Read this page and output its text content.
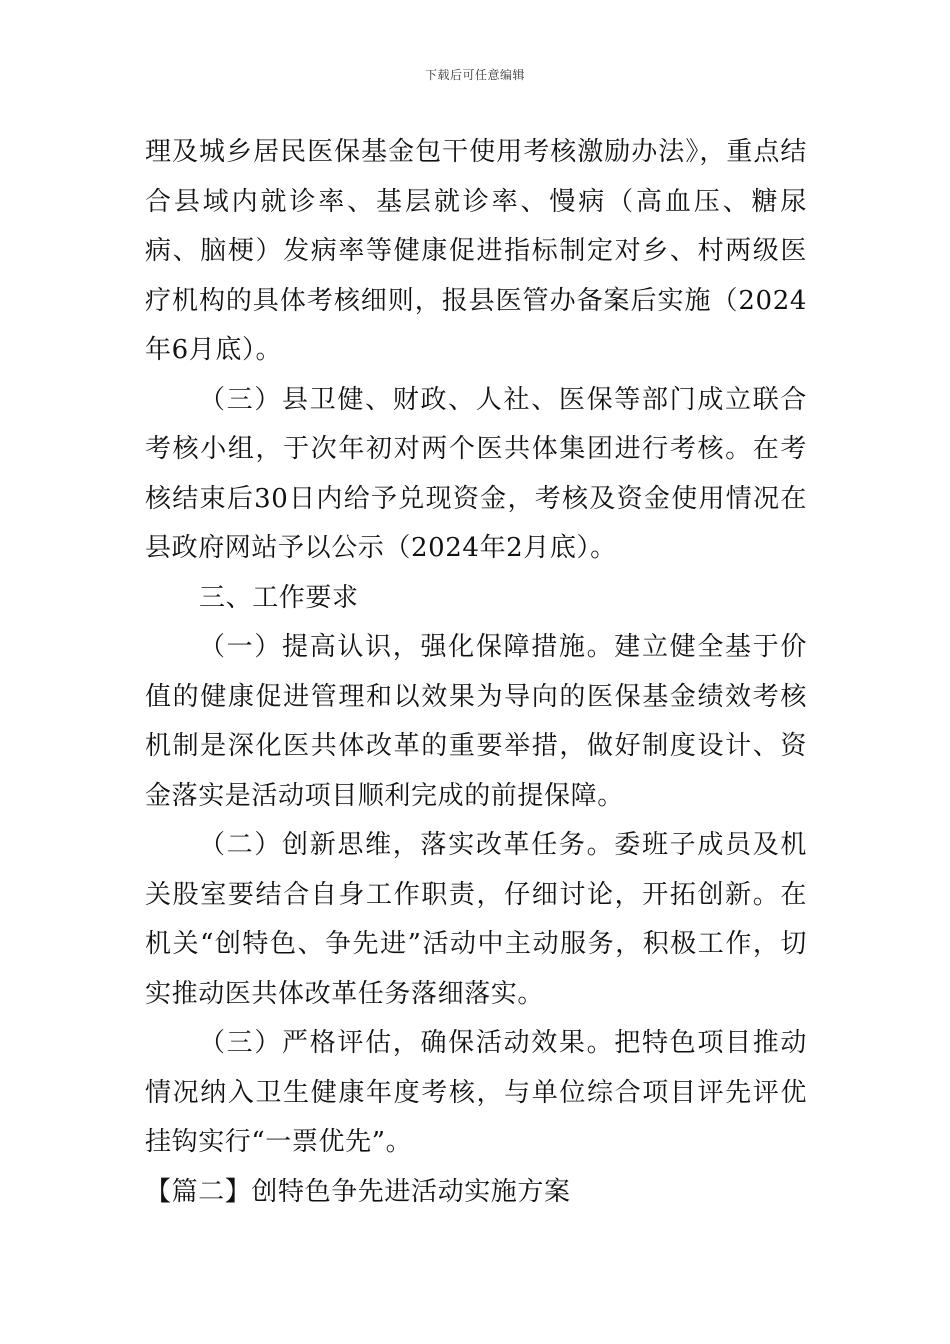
下载后可任意编辑

理及城乡居民医保基金包干使用考核激励办法》，重点结合县域内就诊率、基层就诊率、慢病（高血压、糖尿病、脑梗）发病率等健康促进指标制定对乡、村两级医疗机构的具体考核细则，报县医管办备案后实施（2024年6月底）。

（三）县卫健、财政、人社、医保等部门成立联合考核小组，于次年初对两个医共体集团进行考核。在考核结束后30日内给予兑现资金，考核及资金使用情况在县政府网站予以公示（2024年2月底）。

三、工作要求

（一）提高认识，强化保障措施。建立健全基于价值的健康促进管理和以效果为导向的医保基金绩效考核机制是深化医共体改革的重要举措，做好制度设计、资金落实是活动项目顺利完成的前提保障。

（二）创新思维，落实改革任务。委班子成员及机关股室要结合自身工作职责，仔细讨论，开拓创新。在机关“创特色、争先进”活动中主动服务，积极工作，切实推动医共体改革任务落细落实。

（三）严格评估，确保活动效果。把特色项目推动情况纳入卫生健康年度考核，与单位综合项目评先评优挂钩实行“一票优先”。

【篇二】创特色争先进活动实施方案
